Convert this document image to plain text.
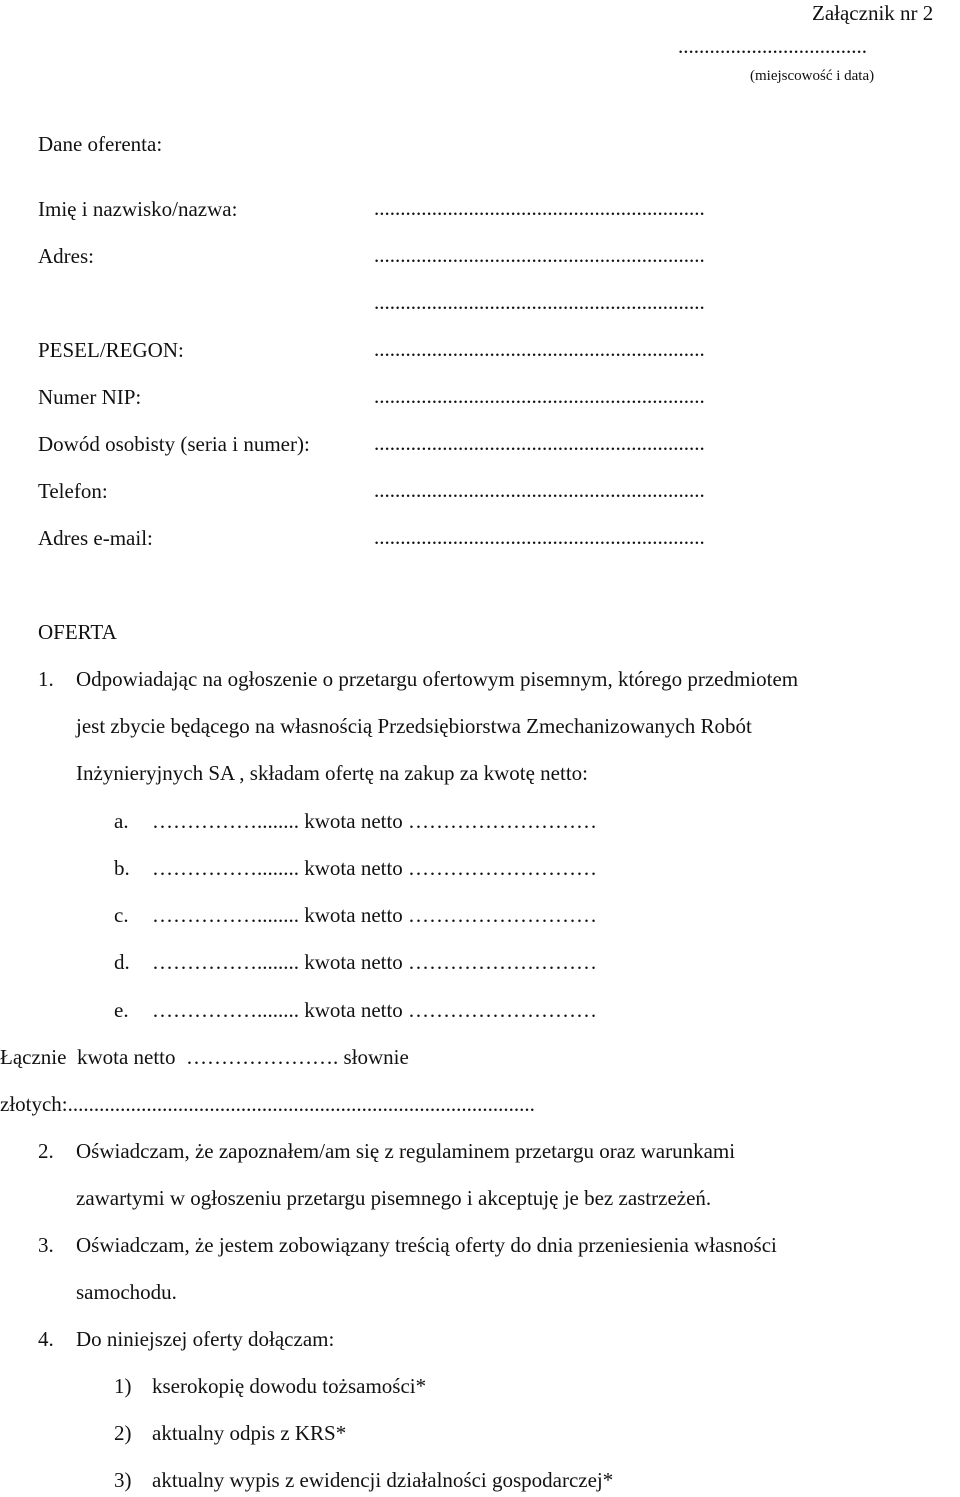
Załącznik nr 2
....................................
(miejscowość i data)
Dane oferenta:
Imię i nazwisko/nazwa:	...............................................................
Adres:	...............................................................
...............................................................
PESEL/REGON:	...............................................................
Numer NIP:	...............................................................
Dowód osobisty (seria i numer):	...............................................................
Telefon:	...............................................................
Adres e-mail:	...............................................................
OFERTA
1. Odpowiadając na ogłoszenie o przetargu ofertowym pisemnym, którego przedmiotem
jest zbycie będącego na własnością Przedsiębiorstwa Zmechanizowanych Robót
Inżynieryjnych SA , składam ofertę na zakup za kwotę netto:
a. ……………........ kwota netto ………………………
b. ……………........ kwota netto ………………………
c. ……………........ kwota netto ………………………
d. ……………........ kwota netto ………………………
e. ……………........ kwota netto ………………………
Łącznie  kwota netto  …………………. słownie
złotych:.........................................................................................
2. Oświadczam, że zapoznałem/am się z regulaminem przetargu oraz warunkami
zawartymi w ogłoszeniu przetargu pisemnego i akceptuję je bez zastrzeżeń.
3. Oświadczam, że jestem zobowiązany treścią oferty do dnia przeniesienia własności
samochodu.
4. Do niniejszej oferty dołączam:
1) kserokopię dowodu tożsamości*
2) aktualny odpis z KRS*
3) aktualny wypis z ewidencji działalności gospodarczej*
